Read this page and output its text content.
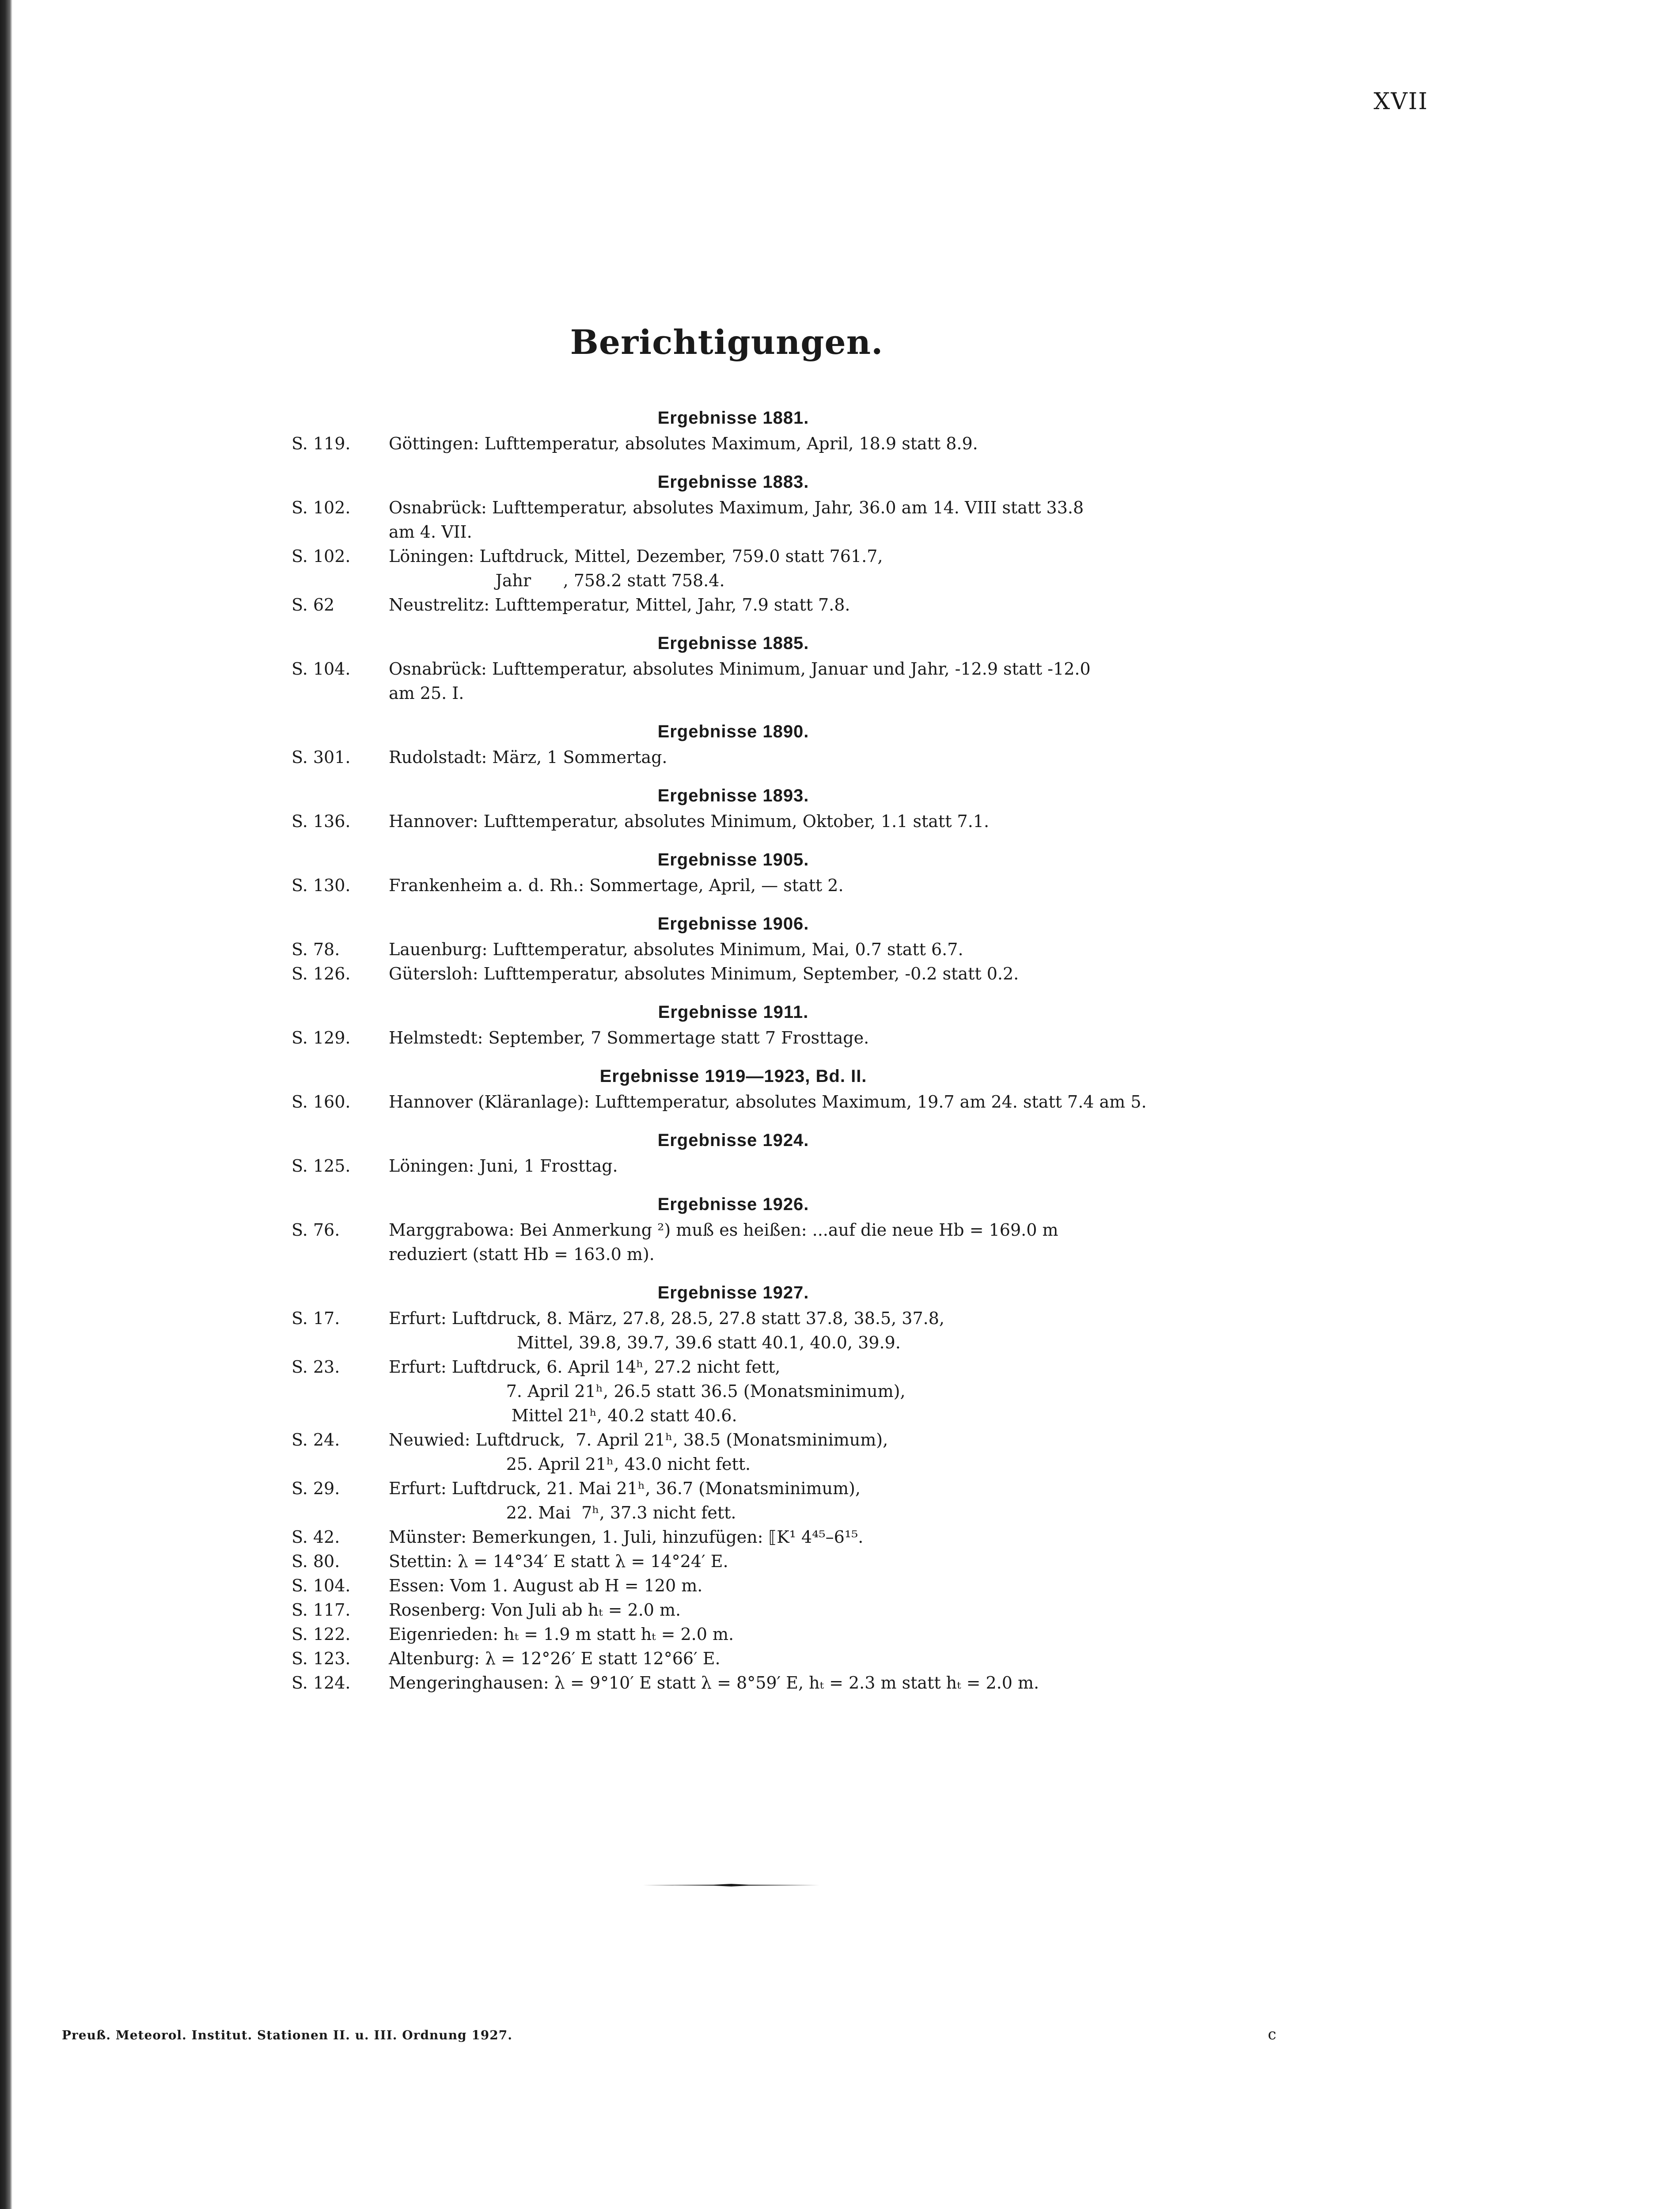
XVII
Berichtigungen.
Ergebnisse 1881.
S. 119.	Göttingen: Lufttemperatur, absolutes Maximum, April, 18.9 statt 8.9.
Ergebnisse 1883.
S. 102.	Osnabrück: Lufttemperatur, absolutes Maximum, Jahr, 36.0 am 14. VIII statt 33.8
am 4. VII.
S. 102.	Löningen: Luftdruck, Mittel, Dezember, 759.0 statt 761.7,
Jahr      , 758.2 statt 758.4.
S. 62	Neustrelitz: Lufttemperatur, Mittel, Jahr, 7.9 statt 7.8.
Ergebnisse 1885.
S. 104.	Osnabrück: Lufttemperatur, absolutes Minimum, Januar und Jahr, -12.9 statt -12.0
am 25. I.
Ergebnisse 1890.
S. 301.	Rudolstadt: März, 1 Sommertag.
Ergebnisse 1893.
S. 136.	Hannover: Lufttemperatur, absolutes Minimum, Oktober, 1.1 statt 7.1.
Ergebnisse 1905.
S. 130.	Frankenheim a. d. Rh.: Sommertage, April, — statt 2.
Ergebnisse 1906.
S. 78.	Lauenburg: Lufttemperatur, absolutes Minimum, Mai, 0.7 statt 6.7.
S. 126.	Gütersloh: Lufttemperatur, absolutes Minimum, September, -0.2 statt 0.2.
Ergebnisse 1911.
S. 129.	Helmstedt: September, 7 Sommertage statt 7 Frosttage.
Ergebnisse 1919—1923, Bd. II.
S. 160.	Hannover (Kläranlage): Lufttemperatur, absolutes Maximum, 19.7 am 24. statt 7.4 am 5.
Ergebnisse 1924.
S. 125.	Löningen: Juni, 1 Frosttag.
Ergebnisse 1926.
S. 76.	Marggrabowa: Bei Anmerkung ²) muß es heißen: ...auf die neue Hb = 169.0 m
reduziert (statt Hb = 163.0 m).
Ergebnisse 1927.
S. 17.	Erfurt: Luftdruck, 8. März, 27.8, 28.5, 27.8 statt 37.8, 38.5, 37.8,
Mittel, 39.8, 39.7, 39.6 statt 40.1, 40.0, 39.9.
S. 23.	Erfurt: Luftdruck, 6. April 14ʰ, 27.2 nicht fett,
7. April 21ʰ, 26.5 statt 36.5 (Monatsminimum),
Mittel 21ʰ, 40.2 statt 40.6.
S. 24.	Neuwied: Luftdruck,  7. April 21ʰ, 38.5 (Monatsminimum),
25. April 21ʰ, 43.0 nicht fett.
S. 29.	Erfurt: Luftdruck, 21. Mai 21ʰ, 36.7 (Monatsminimum),
22. Mai  7ʰ, 37.3 nicht fett.
S. 42.	Münster: Bemerkungen, 1. Juli, hinzufügen: ⟦K¹ 4⁴⁵–6¹⁵.
S. 80.	Stettin: λ = 14°34′ E statt λ = 14°24′ E.
S. 104.	Essen: Vom 1. August ab H = 120 m.
S. 117.	Rosenberg: Von Juli ab hₜ = 2.0 m.
S. 122.	Eigenrieden: hₜ = 1.9 m statt hₜ = 2.0 m.
S. 123.	Altenburg: λ = 12°26′ E statt 12°66′ E.
S. 124.	Mengeringhausen: λ = 9°10′ E statt λ = 8°59′ E, hₜ = 2.3 m statt hₜ = 2.0 m.
Preuß. Meteorol. Institut. Stationen II. u. III. Ordnung 1927.	c
